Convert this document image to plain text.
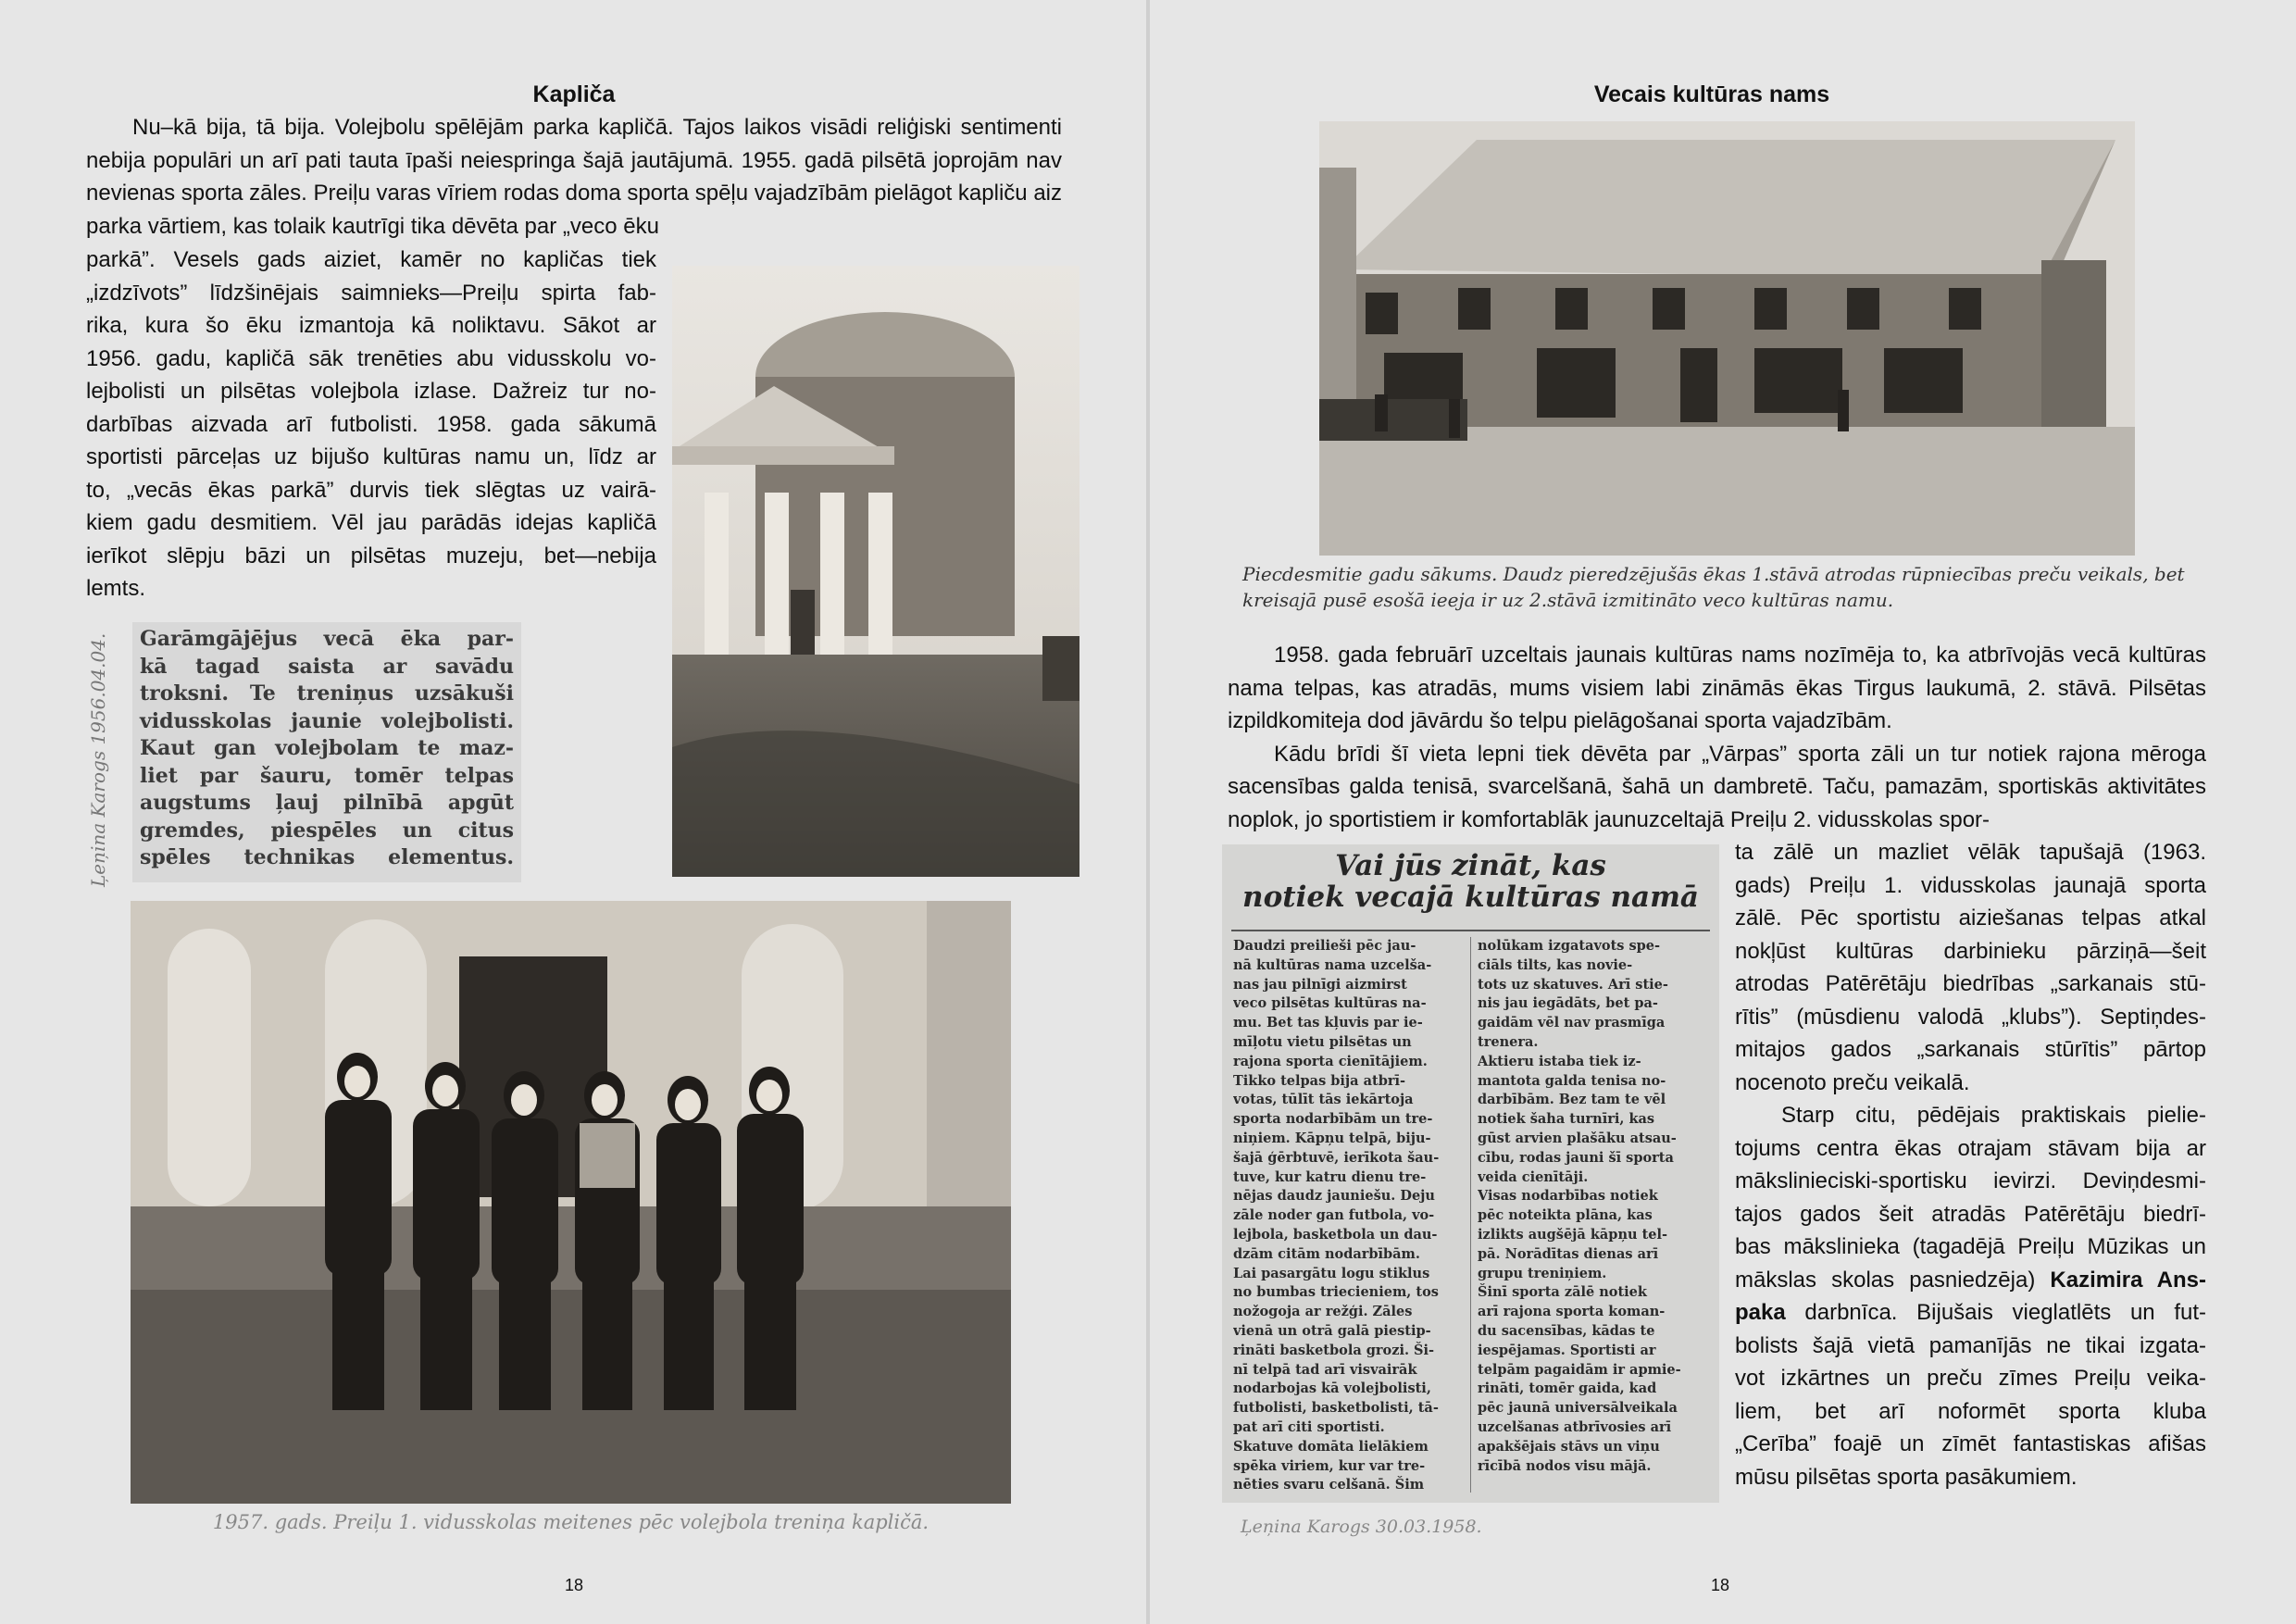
Kapliča

Nu–kā bija, tā bija. Volejbolu spēlējām parka kapličā. Tajos laikos visādi reliģiski sentimenti nebija populāri un arī pati tauta īpaši neiespringa šajā jautājumā. 1955. gadā pilsētā joprojām nav nevienas sporta zāles. Preiļu varas vīriem rodas doma sporta spēļu vajadzībām pielāgot kapliču aiz parka vārtiem, kas tolaik kautrīgi tika dēvēta par „veco ēku

parkā”. Vesels gads aiziet, kamēr no kapličas tiek
„izdzīvots” līdzšinējais saimnieks—Preiļu spirta fab-
rika, kura šo ēku izmantoja kā noliktavu. Sākot ar
1956. gadu, kapličā sāk trenēties abu vidusskolu vo-
lejbolisti un pilsētas volejbola izlase. Dažreiz tur no-
darbības aizvada arī futbolisti. 1958. gada sākumā
sportisti pārceļas uz bijušo kultūras namu un, līdz ar
to, „vecās ēkas parkā” durvis tiek slēgtas uz vairā-
kiem gadu desmitiem. Vēl jau parādās idejas kapličā
ierīkot slēpju bāzi un pilsētas muzeju, bet—nebija
lemts.
Garāmgājējus vecā ēka par-
kā tagad saista ar savādu
troksni. Te treniņus uzsākuši
vidusskolas jaunie volejbolisti.
Kaut gan volejbolam te maz-
liet par šauru, tomēr telpas
augstums ļauj pilnībā apgūt
gremdes, piespēles un citus
spēles technikas elementus.
Ļeņina Karogs 1956.04.04.
1957. gads. Preiļu 1. vidusskolas meitenes pēc volejbola treniņa kapličā.
18
Vecais kultūras nams
Piecdesmitie gadu sākums. Daudz pieredzējušās ēkas 1.stāvā atrodas rūpniecības preču veikals, bet kreisajā pusē esošā ieeja ir uz 2.stāvā izmitināto veco kultūras namu.

1958. gada februārī uzceltais jaunais kultūras nams nozīmēja to, ka atbrīvojās vecā kultūras nama telpas, kas atradās, mums visiem labi zināmās ēkas Tirgus laukumā, 2. stāvā. Pilsētas izpildkomiteja dod jāvārdu šo telpu pielāgošanai sporta vajadzībām.

Kādu brīdi šī vieta lepni tiek dēvēta par „Vārpas” sporta zāli un tur notiek rajona mēroga sacensības galda tenisā, svarcelšanā, šahā un dambretē. Taču, pamazām, sportiskās aktivitātes noplok, jo sportistiem ir komfortablāk jaunuzceltajā Preiļu 2. vidusskolas spor-

Vai jūs zināt, kas
notiek vecajā kultūras namā
Daudzi preilieši pēc jau-
nā kultūras nama uzcelša-
nas jau pilnīgi aizmirst
veco pilsētas kultūras na-
mu. Bet tas kļuvis par ie-
mīļotu vietu pilsētas un
rajona sporta cienītājiem.
Tikko telpas bija atbrī-
votas, tūlīt tās iekārtoja
sporta nodarbībām un tre-
niņiem. Kāpņu telpā, biju-
šajā ģērbtuvē, ierīkota šau-
tuve, kur katru dienu tre-
nējas daudz jauniešu. Deju
zāle noder gan futbola, vo-
lejbola, basketbola un dau-
dzām citām nodarbībām.
Lai pasargātu logu stiklus
no bumbas triecieniem, tos
nožogoja ar režģi. Zāles
vienā un otrā galā piestip-
rināti basketbola grozi. Ši-
nī telpā tad arī visvairāk
nodarbojas kā volejbolisti,
futbolisti, basketbolisti, tā-
pat arī citi sportisti.
Skatuve domāta lielākiem
spēka viriem, kur var tre-
nēties svaru celšanā. Šim
nolūkam izgatavots spe-
ciāls tilts, kas novie-
tots uz skatuves. Arī stie-
nis jau iegādāts, bet pa-
gaidām vēl nav prasmīga
trenera.
Aktieru istaba tiek iz-
mantota galda tenisa no-
darbībām. Bez tam te vēl
notiek šaha turnīri, kas
gūst arvien plašāku atsau-
cību, rodas jauni šī sporta
veida cienītāji.
Visas nodarbības notiek
pēc noteikta plāna, kas
izlikts augšējā kāpņu tel-
pā. Norādītas dienas arī
grupu treniņiem.
Šinī sporta zālē notiek
arī rajona sporta koman-
du sacensības, kādas te
iespējamas. Sportisti ar
telpām pagaidām ir apmie-
rināti, tomēr gaida, kad
pēc jaunā universālveikala
uzcelšanas atbrīvosies arī
apakšējais stāvs un viņu
rīcībā nodos visu mājā.
Ļeņina Karogs 30.03.1958.
ta zālē un mazliet vēlāk tapušajā (1963.
gads) Preiļu 1. vidusskolas jaunajā sporta
zālē. Pēc sportistu aiziešanas telpas atkal
nokļūst kultūras darbinieku pārziņā—šeit
atrodas Patērētāju biedrības „sarkanais stū-
rītis” (mūsdienu valodā „klubs”). Septiņdes-
mitajos gados „sarkanais stūrītis” pārtop
nocenoto preču veikalā.
Starp citu, pēdējais praktiskais pielie-
tojums centra ēkas otrajam stāvam bija ar
mākslinieciski-sportisku ievirzi. Deviņdesmi-
tajos gados šeit atradās Patērētāju biedrī-
bas mākslinieka (tagadējā Preiļu Mūzikas un
mākslas skolas pasniedzēja) Kazimira Ans-
paka darbnīca. Bijušais vieglatlēts un fut-
bolists šajā vietā pamanījās ne tikai izgata-
vot izkārtnes un preču zīmes Preiļu veika-
liem, bet arī noformēt sporta kluba
„Cerība” foajē un zīmēt fantastiskas afišas
mūsu pilsētas sporta pasākumiem.
18
